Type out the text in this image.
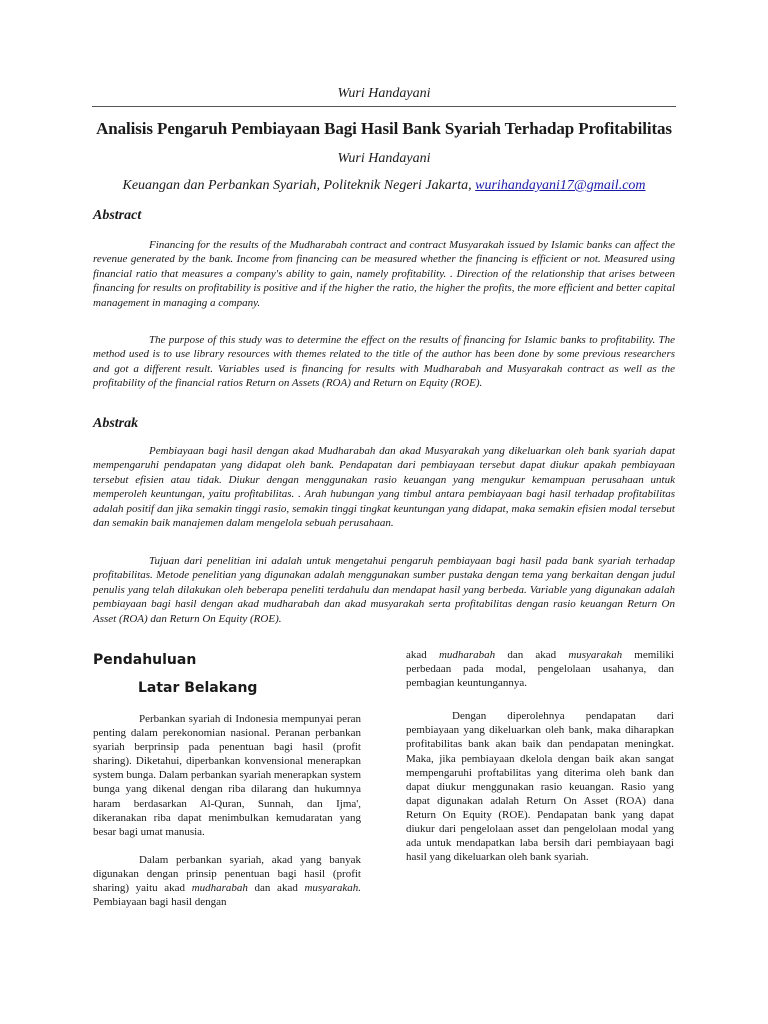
Wuri Handayani
Analisis Pengaruh Pembiayaan Bagi Hasil Bank Syariah Terhadap Profitabilitas
Wuri Handayani
Keuangan dan Perbankan Syariah, Politeknik Negeri Jakarta, wurihandayani17@gmail.com
Abstract
Financing for the results of the Mudharabah contract and contract Musyarakah issued by Islamic banks can affect the revenue generated by the bank. Income from financing can be measured whether the financing is efficient or not. Measured using financial ratio that measures a company's ability to gain, namely profitability. . Direction of the relationship that arises between financing for results on profitability is positive and if the higher the ratio, the higher the profits, the more efficient and better capital management in managing a company.
The purpose of this study was to determine the effect on the results of financing for Islamic banks to profitability. The method used is to use library resources with themes related to the title of the author has been done by some previous researchers and got a different result. Variables used is financing for results with Mudharabah and Musyarakah contract as well as the profitability of the financial ratios Return on Assets (ROA) and Return on Equity (ROE).
Abstrak
Pembiayaan bagi hasil dengan akad Mudharabah dan akad Musyarakah yang dikeluarkan oleh bank syariah dapat mempengaruhi pendapatan yang didapat oleh bank. Pendapatan dari pembiayaan tersebut dapat diukur apakah pembiayaan tersebut efisien atau tidak. Diukur dengan menggunakan rasio keuangan yang mengukur kemampuan perusahaan untuk memperoleh keuntungan, yaitu profitabilitas. . Arah hubungan yang timbul antara pembiayaan bagi hasil terhadap profitabilitas adalah positif dan jika semakin tinggi rasio, semakin tinggi tingkat keuntungan yang didapat, maka semakin efisien modal tersebut dan semakin baik manajemen dalam mengelola sebuah perusahaan.
Tujuan dari penelitian ini adalah untuk mengetahui pengaruh pembiayaan bagi hasil pada bank syariah terhadap profitabilitas. Metode penelitian yang digunakan adalah menggunakan sumber pustaka dengan tema yang berkaitan dengan judul penulis yang telah dilakukan oleh beberapa peneliti terdahulu dan mendapat hasil yang berbeda. Variable yang digunakan adalah pembiayaan bagi hasil dengan akad mudharabah dan akad musyarakah serta profitabilitas dengan rasio keuangan Return On Asset (ROA) dan Return On Equity (ROE).
Pendahuluan
Latar Belakang

Perbankan syariah di Indonesia mempunyai peran penting dalam perekonomian nasional. Peranan perbankan syariah berprinsip pada penentuan bagi hasil (profit sharing). Diketahui, diperbankan konvensional menerapkan system bunga. Dalam perbankan syariah menerapkan system bunga yang dikenal dengan riba dilarang dan hukumnya haram berdasarkan Al-Quran, Sunnah, dan Ijma', dikeranakan riba dapat menimbulkan kemudaratan yang besar bagi umat manusia.

Dalam perbankan syariah, akad yang banyak digunakan dengan prinsip penentuan bagi hasil (profit sharing) yaitu akad mudharabah dan akad musyarakah. Pembiayaan bagi hasil dengan

akad mudharabah dan akad musyarakah memiliki perbedaan pada modal, pengelolaan usahanya, dan pembagian keuntungannya.

Dengan diperolehnya pendapatan dari pembiayaan yang dikeluarkan oleh bank, maka diharapkan profitabilitas bank akan baik dan pendapatan meningkat. Maka, jika pembiayaan dkelola dengan baik akan sangat mempengaruhi proftabilitas yang diterima oleh bank dan dapat diukur menggunakan rasio keuangan. Rasio yang dapat digunakan adalah Return On Asset (ROA) dana Return On Equity (ROE). Pendapatan bank yang dapat diukur dari pengelolaan asset dan pengelolaan modal yang ada untuk mendapatkan laba bersih dari pembiayaan bagi hasil yang dikeluarkan oleh bank syariah.
